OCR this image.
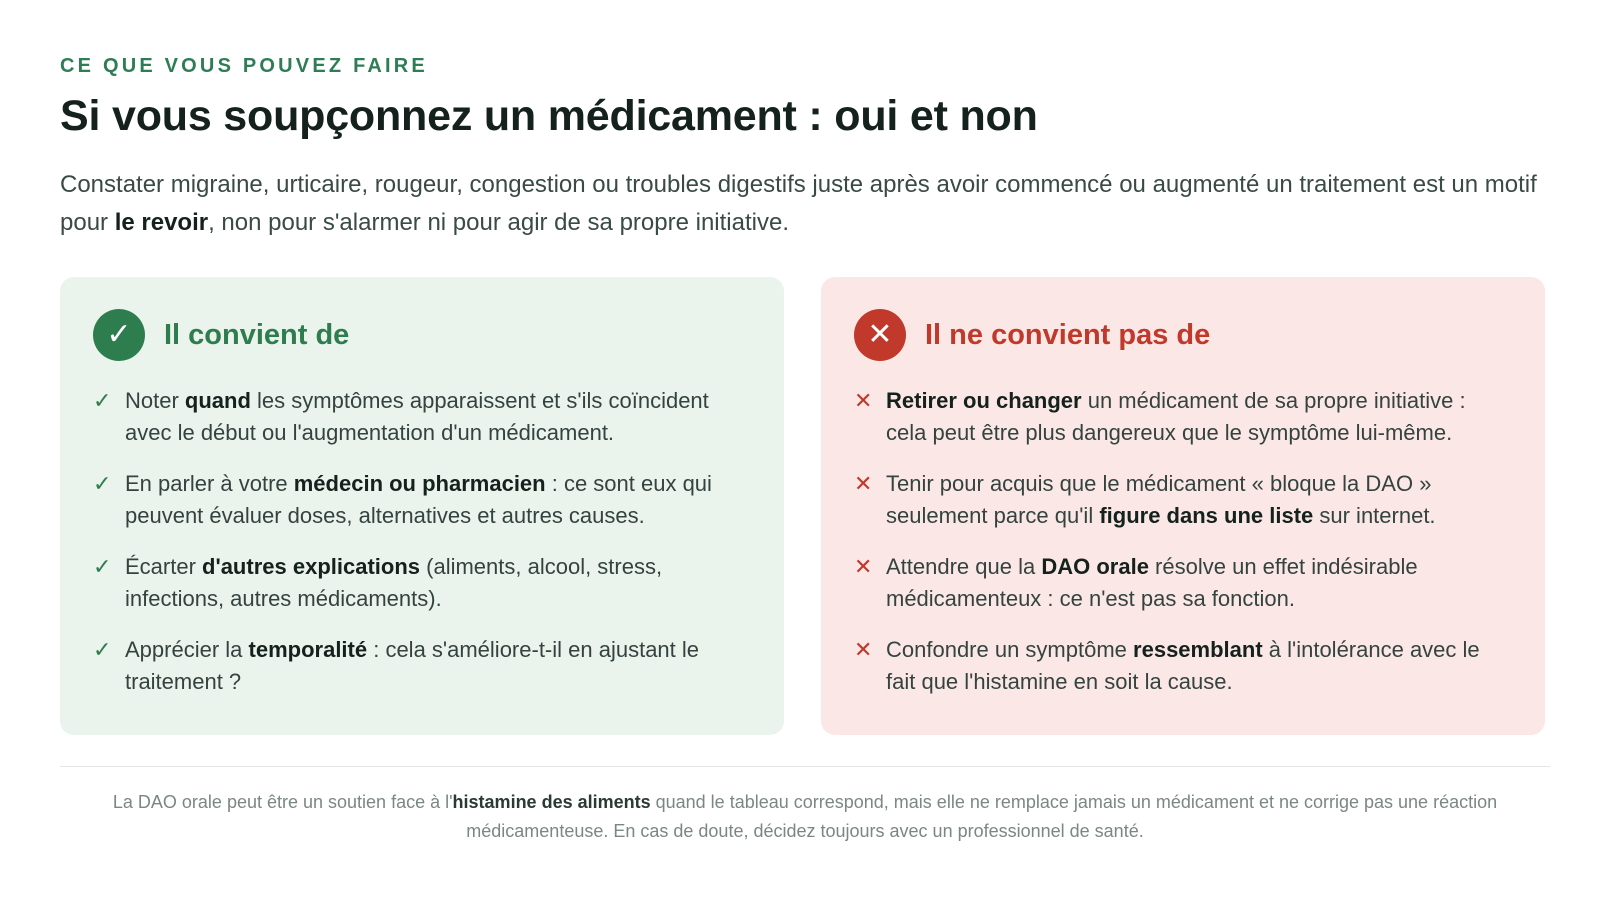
CE QUE VOUS POUVEZ FAIRE
Si vous soupçonnez un médicament : oui et non

Constater migraine, urticaire, rougeur, congestion ou troubles digestifs juste après avoir commencé ou augmenté un traitement est un motif pour le revoir, non pour s'alarmer ni pour agir de sa propre initiative.

✓	Il convient de
✓ Noter quand les symptômes apparaissent et s'ils coïncident avec le début ou l'augmentation d'un médicament.
✓ En parler à votre médecin ou pharmacien : ce sont eux qui peuvent évaluer doses, alternatives et autres causes.
✓ Écarter d'autres explications (aliments, alcool, stress, infections, autres médicaments).
✓ Apprécier la temporalité : cela s'améliore-t-il en ajustant le traitement ?
✕	Il ne convient pas de
✕ Retirer ou changer un médicament de sa propre initiative : cela peut être plus dangereux que le symptôme lui-même.
✕ Tenir pour acquis que le médicament « bloque la DAO » seulement parce qu'il figure dans une liste sur internet.
✕ Attendre que la DAO orale résolve un effet indésirable médicamenteux : ce n'est pas sa fonction.
✕ Confondre un symptôme ressemblant à l'intolérance avec le fait que l'histamine en soit la cause.

La DAO orale peut être un soutien face à l'histamine des aliments quand le tableau correspond, mais elle ne remplace jamais un médicament et ne corrige pas une réaction médicamenteuse. En cas de doute, décidez toujours avec un professionnel de santé.
